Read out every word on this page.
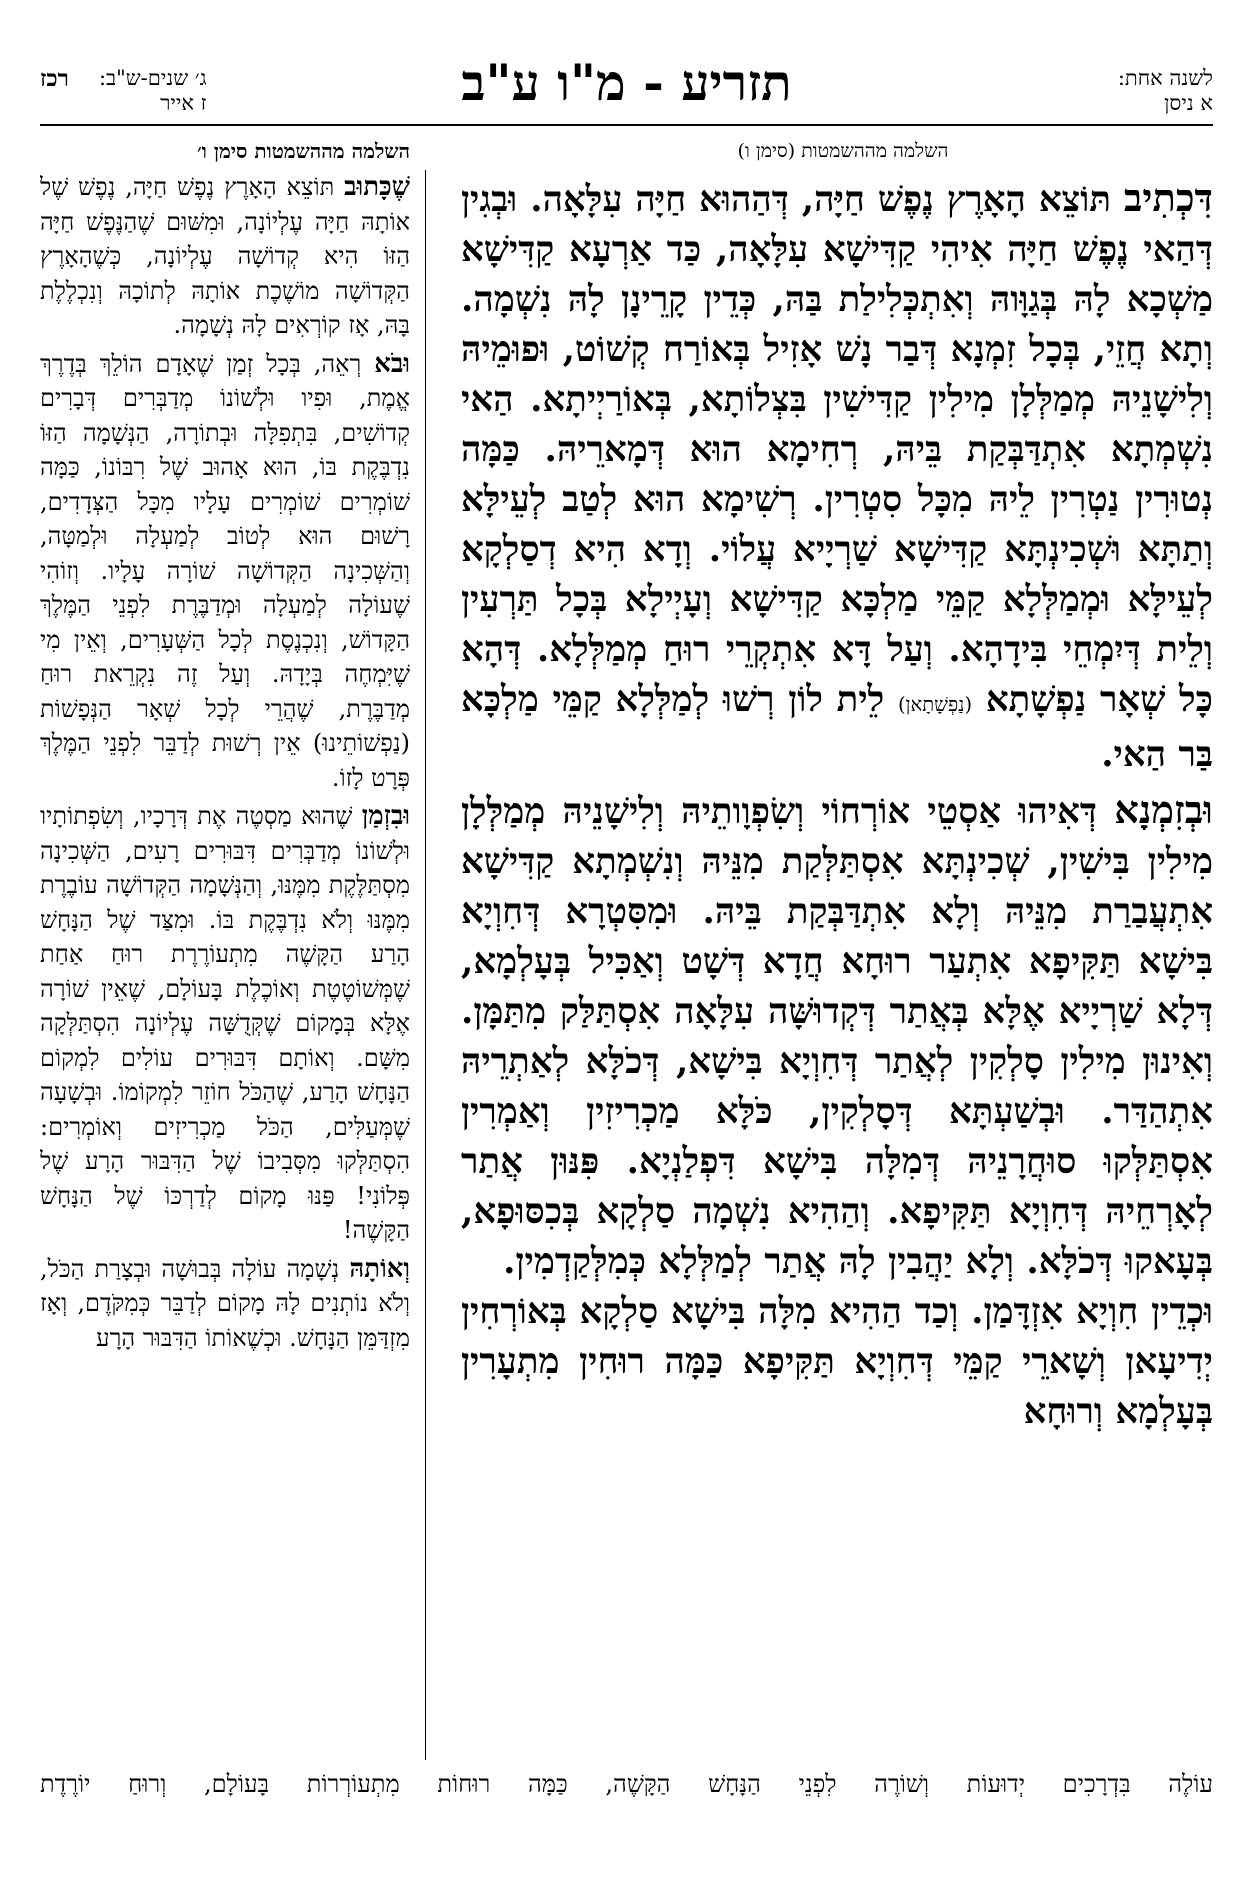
לשנה אחת:
א ניסן
תזריע - מ"ו ע"ב
ג׳ שנים-ש"ב:
ז אייר
רכז
השלמה מההשמטות (סימן ו)
השלמה מההשמטות סימן ו׳

דִּכְתִיב תּוֹצֵא הָאָרֶץ נֶפֶשׁ חַיָּה, דְּהַהוּא חַיָּה עִלָּאָה. וּבְגִין דְּהַאי נֶפֶשׁ חַיָּה אִיהִי קַדִּישָׁא עִלָּאָה, כַּד אַרְעָא קַדִּישָׁא מַשְׁכָא לָהּ בְּגַוָּוהּ וְאִתְכְּלִילַת בַּהּ, כְּדֵין קָרֵינָן לָהּ נִשְׁמָה. וְתָא חֲזֵי, בְּכָל זִמְנָא דְּבַר נָשׁ אָזִיל בְּאוֹרַח קְשׁוֹט, וּפוּמֵיהּ וְלִישָׁנֵיהּ מְמַלְּלָן מִילִין קַדִּישִׁין בִּצְלוֹתָא, בְּאוֹרַיְיתָא. הַאי נִשְׁמְתָא אִתְדַּבְּקַת בֵּיהּ, רְחִימָא הוּא דְּמָארֵיהּ. כַּמָּה נְטוּרִין נַטְרִין לֵיהּ מִכָּל סִטְרִין. רְשִׁימָא הוּא לְטַב לְעֵילָּא וְתַתָּא וּשְׁכִינְתָּא קַדִּישָׁא שַׁרְיָיא עֲלוֹי. וְדָא הִיא דְסַלְקָא לְעֵילָּא וּמְמַלְּלָא קַמֵּי מַלְכָּא קַדִּישָׁא וְעָיְילָא בְּכָל תַּרְעִין וְלֵית דְּיִמְחֵי בִּידָהָא. וְעַל דָּא אִתְקְרֵי רוּחַ מְמַלְּלָא. דְּהָא כָּל שְׁאָר נַפְשָׁתָא (נַפְשָׁתָאן) לֵית לוֹן רְשׁוּ לְמַלְּלָא קַמֵּי מַלְכָּא בַּר הַאי.

וּבְזִמְנָא דְּאִיהוּ אַסְטֵי אוֹרְחוֹי וְשִׂפְוָותֵיהּ וְלִישָׁנֵיהּ מְמַלְּלָן מִילִין בִּישִׁין, שְׁכִינְתָּא אִסְתַּלְּקַת מִנֵּיהּ וְנִשְׁמְתָא קַדִּישָׁא אִתְעֲבַרַת מִנֵּיהּ וְלָא אִתְדַּבְּקַת בֵּיהּ. וּמִסִּטְרָא דְּחִוְיָא בִּישָׁא תַּקִּיפָא אִתְעַר רוּחָא חֲדָא דְּשָׁט וְאַכִּיל בְּעָלְמָא, דְּלָא שַׁרְיָיא אֶלָּא בְּאֲתַר דְּקְדוּשָּׁה עִלָּאָה אִסְתַּלַּק מִתַּמָּן. וְאִינוּן מִילִין סָלְקִין לְאֲתַר דְּחִוְיָא בִּישָׁא, דְּכֹלָּא לְאַתְרֵיהּ אִתְהַדַּר. וּבְשַׁעְתָּא דְּסָלְקִין, כֹּלָּא מַכְרִיזִין וְאַמְרִין אִסְתַּלְּקוּ סוּחֲרָנֵיהּ דְּמִלָּה בִּישָׁא דִּפְלַנְיָא. פִּנּוּן אֲתַר לְאָרְחֵיהּ דְּחִוְיָא תַּקִּיפָא. וְהַהִיא נִשְׁמָה סַלְקָא בְּכִסּוּפָא, בְּעָאקוּ דְּכֹלָּא. וְלָא יַהֲבִין לָהּ אֲתַר לְמַלְּלָא כְּמִלְּקַדְמִין.

וּכְדֵין חִוְיָא אִזְדָּמַן. וְכַד הַהִיא מִלָּה בִּישָׁא סַלְקָא בְּאוֹרְחִין יְדִיעָאן וְשָׁארֵי קַמֵּי דְּחִוְיָא תַּקִּיפָא כַּמָּה רוּחִין מִתְעָרִין בְּעָלְמָא וְרוּחָא

שֶׁכָּתוּב תּוֹצֵא הָאָרֶץ נֶפֶשׁ חַיָּה, נֶפֶשׁ שֶׁל אוֹתָהּ חַיָּה עֶלְיוֹנָה, וּמִשּׁוּם שֶׁהַנֶּפֶשׁ חַיָּה הַזּוֹ הִיא קְדוֹשָׁה עֶלְיוֹנָה, כְּשֶׁהָאָרֶץ הַקְּדוֹשָׁה מוֹשֶׁכֶת אוֹתָהּ לְתוֹכָהּ וְנִכְלֶלֶת בָּהּ, אָז קוֹרְאִים לָהּ נְשָׁמָה.

וּבֹא רְאֵה, בְּכָל זְמַן שֶׁאָדָם הוֹלֵךְ בְּדֶרֶךְ אֱמֶת, וּפִיו וּלְשׁוֹנוֹ מְדַבְּרִים דְּבָרִים קְדוֹשִׁים, בִּתְפִלָּה וּבְתוֹרָה, הַנְּשָׁמָה הַזּוֹ נִדְבֶּקֶת בּוֹ, הוּא אָהוּב שֶׁל רִבּוֹנוֹ, כַּמָּה שׁוֹמְרִים שׁוֹמְרִים עָלָיו מִכָּל הַצְּדָדִים, רָשׁוּם הוּא לְטוֹב לְמַעְלָה וּלְמַטָּה, וְהַשְּׁכִינָה הַקְּדוֹשָׁה שׁוֹרָה עָלָיו. וְזוֹהִי שֶׁעוֹלָה לְמַעְלָה וּמְדַבֶּרֶת לִפְנֵי הַמֶּלֶךְ הַקָּדוֹשׁ, וְנִכְנֶסֶת לְכָל הַשְּׁעָרִים, וְאֵין מִי שֶׁיִּמְחֶה בְּיָדָהּ. וְעַל זֶה נִקְרֵאת רוּחַ מְדַבֶּרֶת, שֶׁהֲרֵי לְכָל שְׁאָר הַנְּפָשׁוֹת (נַפְשׁוֹתֵינוּ) אֵין רְשׁוּת לְדַבֵּר לִפְנֵי הַמֶּלֶךְ פְּרָט לָזוֹ.

וּבִזְמַן שֶׁהוּא מַסְטֶה אֶת דְּרָכָיו, וְשִׂפְתוֹתָיו וּלְשׁוֹנוֹ מְדַבְּרִים דִּבּוּרִים רָעִים, הַשְּׁכִינָה מִסְתַּלֶּקֶת מִמֶּנּוּ, וְהַנְּשָׁמָה הַקְּדוֹשָׁה עוֹבֶרֶת מִמֶּנּוּ וְלֹא נִדְבֶּקֶת בּוֹ. וּמִצַּד שֶׁל הַנָּחָשׁ הָרַע הַקָּשֶׁה מִתְעוֹרֶרֶת רוּחַ אַחַת שֶׁמְּשׁוֹטֶטֶת וְאוֹכֶלֶת בָּעוֹלָם, שֶׁאֵין שׁוֹרָה אֶלָּא בְּמָקוֹם שֶׁקְּדֻשָּׁה עֶלְיוֹנָה הִסְתַּלְּקָה מִשָּׁם. וְאוֹתָם דִּבּוּרִים עוֹלִים לִמְקוֹם הַנָּחָשׁ הָרַע, שֶׁהַכֹּל חוֹזֵר לִמְקוֹמוֹ. וּבְשָׁעָה שֶׁמְּעַלִּים, הַכֹּל מַכְרִיזִים וְאוֹמְרִים: הִסְתַּלְּקוּ מִסְּבִיבוֹ שֶׁל הַדִּבּוּר הָרָע שֶׁל פְּלוֹנִי! פַּנּוּ מָקוֹם לְדַרְכּוֹ שֶׁל הַנָּחָשׁ הַקָּשֶׁה!

וְאוֹתָהּ נְשָׁמָה עוֹלָה בְּבוּשָׁה וּבְצָרַת הַכֹּל, וְלֹא נוֹתְנִים לָהּ מָקוֹם לְדַבֵּר כְּמִקֹּדֶם, וְאָז מִזְדַּמֵּן הַנָּחָשׁ. וּכְשֶׁאוֹתוֹ הַדִּבּוּר הָרָע

עוֹלֶה בִּדְרָכִים יְדוּעוֹת וְשׁוֹרֶה לִפְנֵי הַנָּחָשׁ הַקָּשֶׁה, כַּמָּה רוּחוֹת מִתְעוֹרְרוֹת בָּעוֹלָם, וְרוּחַ יוֹרֶדֶת
